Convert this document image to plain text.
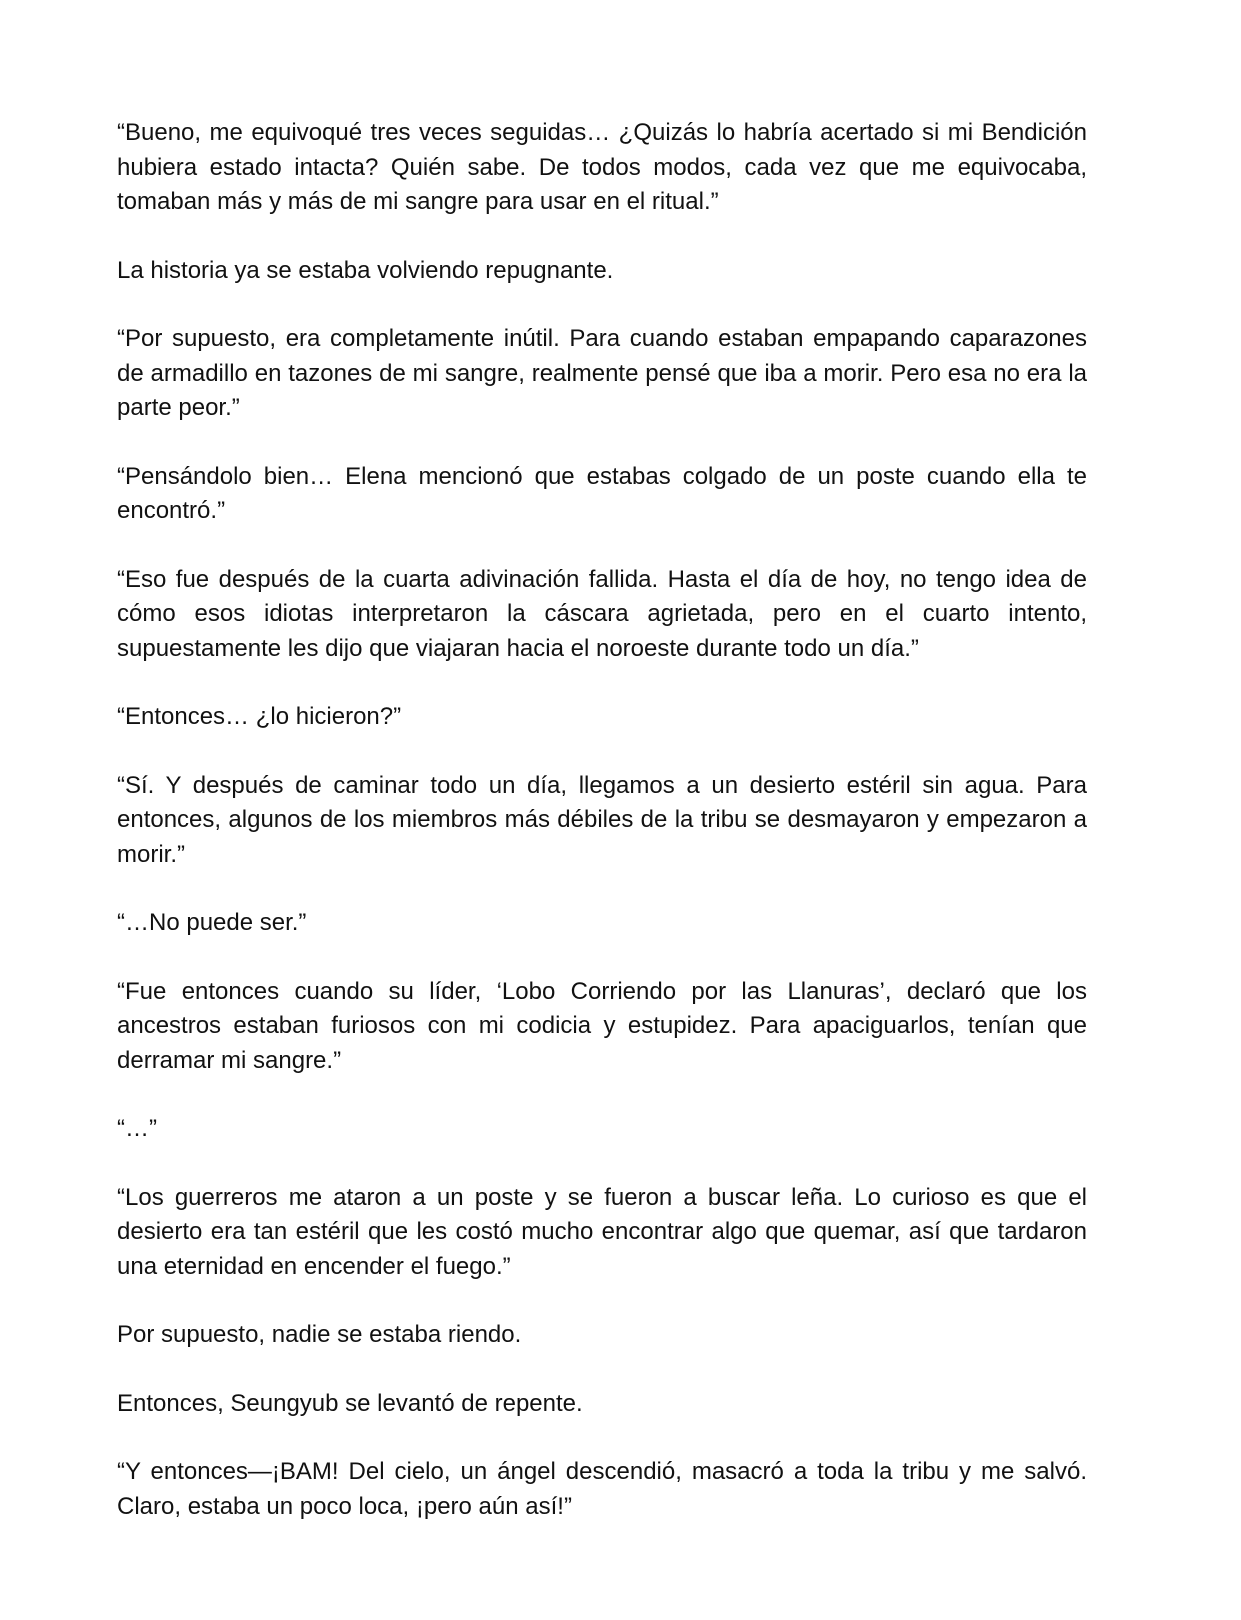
“Bueno, me equivoqué tres veces seguidas… ¿Quizás lo habría acertado si mi Bendición hubiera estado intacta? Quién sabe. De todos modos, cada vez que me equivocaba, tomaban más y más de mi sangre para usar en el ritual.”

La historia ya se estaba volviendo repugnante.

“Por supuesto, era completamente inútil. Para cuando estaban empapando caparazones de armadillo en tazones de mi sangre, realmente pensé que iba a morir. Pero esa no era la parte peor.”

“Pensándolo bien… Elena mencionó que estabas colgado de un poste cuando ella te encontró.”

“Eso fue después de la cuarta adivinación fallida. Hasta el día de hoy, no tengo idea de cómo esos idiotas interpretaron la cáscara agrietada, pero en el cuarto intento, supuestamente les dijo que viajaran hacia el noroeste durante todo un día.”

“Entonces… ¿lo hicieron?”

“Sí. Y después de caminar todo un día, llegamos a un desierto estéril sin agua. Para entonces, algunos de los miembros más débiles de la tribu se desmayaron y empezaron a morir.”

“…No puede ser.”

“Fue entonces cuando su líder, ‘Lobo Corriendo por las Llanuras’, declaró que los ancestros estaban furiosos con mi codicia y estupidez. Para apaciguarlos, tenían que derramar mi sangre.”

“…”

“Los guerreros me ataron a un poste y se fueron a buscar leña. Lo curioso es que el desierto era tan estéril que les costó mucho encontrar algo que quemar, así que tardaron una eternidad en encender el fuego.”

Por supuesto, nadie se estaba riendo.

Entonces, Seungyub se levantó de repente.

“Y entonces—¡BAM! Del cielo, un ángel descendió, masacró a toda la tribu y me salvó. Claro, estaba un poco loca, ¡pero aún así!”
